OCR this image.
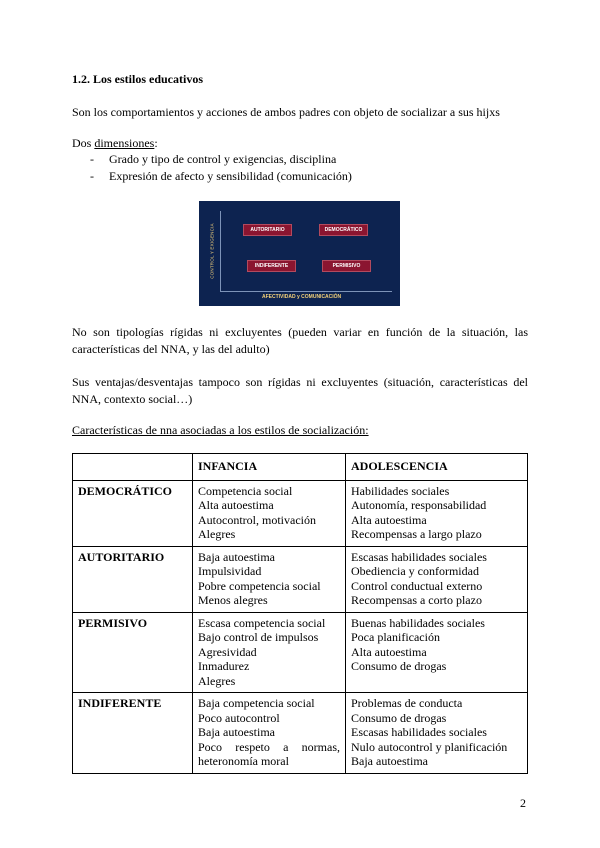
1.2. Los estilos educativos
Son los comportamientos y acciones de ambos padres con objeto de socializar a sus hijxs
Dos dimensiones:
- Grado y tipo de control y exigencias, disciplina
- Expresión de afecto y sensibilidad (comunicación)
CONTROL Y EXIGENCIA
AFECTIVIDAD y COMUNICACIÓN
AUTORITARIO	DEMOCRÁTICO
INDIFERENTE	PERMISIVO
No son tipologías rígidas ni excluyentes (pueden variar en función de la situación, las características del NNA, y las del adulto)
Sus ventajas/desventajas tampoco son rígidas ni excluyentes (situación, características del NNA, contexto social…)
Características de nna asociadas a los estilos de socialización:
	INFANCIA	ADOLESCENCIA
DEMOCRÁTICO	Competencia social
Alta autoestima
Autocontrol, motivación
Alegres	Habilidades sociales
Autonomía, responsabilidad
Alta autoestima
Recompensas a largo plazo

AUTORITARIO	Baja autoestima
Impulsividad
Pobre competencia social
Menos alegres	Escasas habilidades sociales
Obediencia y conformidad
Control conductual externo
Recompensas a corto plazo

PERMISIVO	Escasa competencia social
Bajo control de impulsos
Agresividad
Inmadurez
Alegres	Buenas habilidades sociales
Poca planificación
Alta autoestima
Consumo de drogas

INDIFERENTE	Baja competencia social
Poco autocontrol
Baja autoestima
Poco respeto a normas,
heteronomía moral	Problemas de conducta
Consumo de drogas
Escasas habilidades sociales
Nulo autocontrol y planificación
Baja autoestima
2
